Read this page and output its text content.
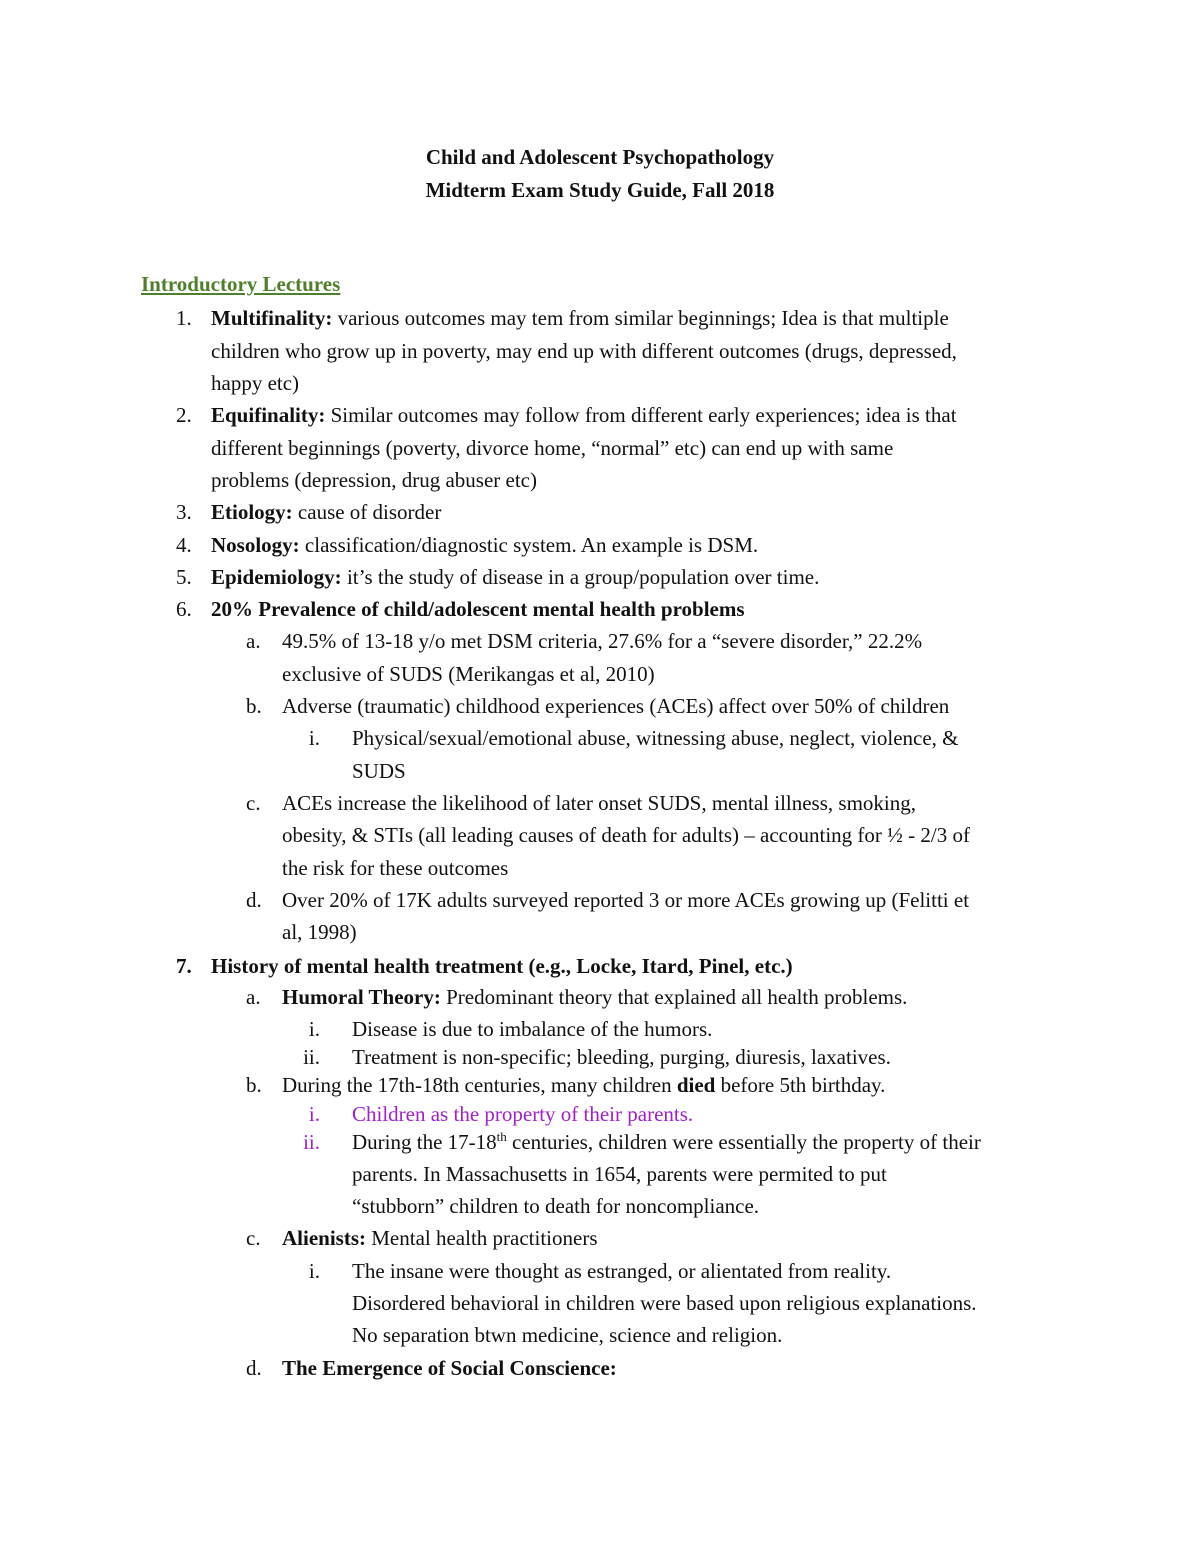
Child and Adolescent Psychopathology
Midterm Exam Study Guide, Fall 2018
Introductory Lectures
1. Multifinality: various outcomes may tem from similar beginnings; Idea is that multiple
children who grow up in poverty, may end up with different outcomes (drugs, depressed,
happy etc)
2. Equifinality: Similar outcomes may follow from different early experiences; idea is that
different beginnings (poverty, divorce home, “normal” etc) can end up with same
problems (depression, drug abuser etc)
3. Etiology: cause of disorder
4. Nosology: classification/diagnostic system. An example is DSM.
5. Epidemiology: it’s the study of disease in a group/population over time.
6. 20% Prevalence of child/adolescent mental health problems
a. 49.5% of 13-18 y/o met DSM criteria, 27.6% for a “severe disorder,” 22.2%
exclusive of SUDS (Merikangas et al, 2010)
b. Adverse (traumatic) childhood experiences (ACEs) affect over 50% of children
i. Physical/sexual/emotional abuse, witnessing abuse, neglect, violence, &
SUDS
c. ACEs increase the likelihood of later onset SUDS, mental illness, smoking,
obesity, & STIs (all leading causes of death for adults) – accounting for ½ - 2/3 of
the risk for these outcomes
d. Over 20% of 17K adults surveyed reported 3 or more ACEs growing up (Felitti et
al, 1998)
7. History of mental health treatment (e.g., Locke, Itard, Pinel, etc.)
a. Humoral Theory: Predominant theory that explained all health problems.
i. Disease is due to imbalance of the humors.
ii. Treatment is non-specific; bleeding, purging, diuresis, laxatives.
b. During the 17th-18th centuries, many children died before 5th birthday.
i. Children as the property of their parents.
ii. During the 17-18th centuries, children were essentially the property of their
parents. In Massachusetts in 1654, parents were permited to put
“stubborn” children to death for noncompliance.
c. Alienists: Mental health practitioners
i. The insane were thought as estranged, or alientated from reality.
Disordered behavioral in children were based upon religious explanations.
No separation btwn medicine, science and religion.
d. The Emergence of Social Conscience:
